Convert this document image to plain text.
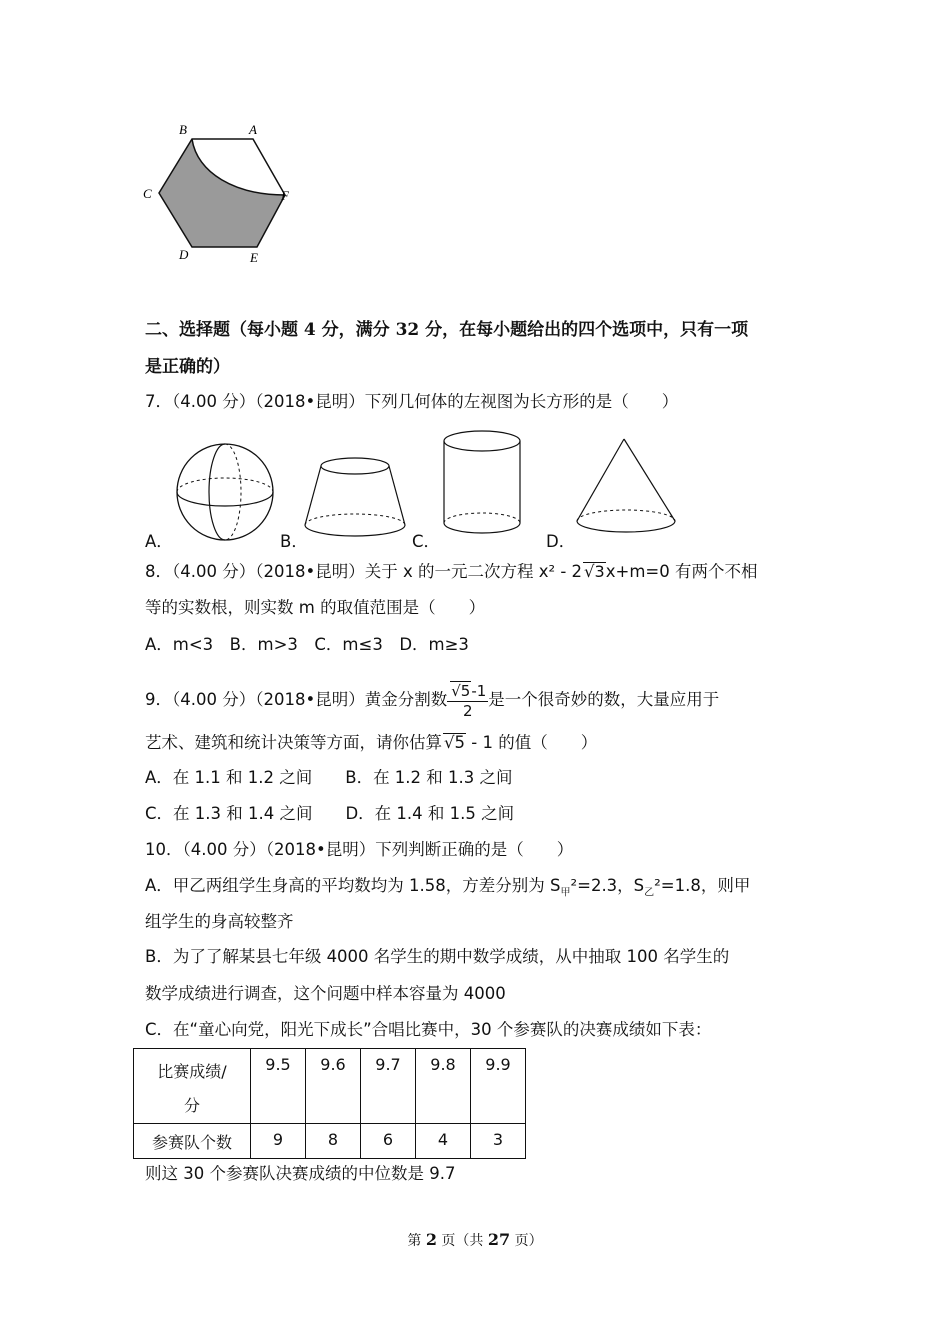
B	A
C	F
D	E
二、选择题（每小题 4 分，满分 32 分，在每小题给出的四个选项中，只有一项
是正确的）
7．（4.00 分）（2018•昆明）下列几何体的左视图为长方形的是（　　）
A．	B．	C．	D．
8．（4.00 分）（2018•昆明）关于 x 的一元二次方程 x² - 2 √3x+m=0 有两个不相
等的实数根，则实数 m 的取值范围是（　　）
A．m<3　B．m>3　C．m≤3　D．m≥3
9．（4.00 分）（2018•昆明）黄金分割数 $\frac{√5-1}{2}$ 是一个很奇妙的数，大量应用于
艺术、建筑和统计决策等方面，请你估算 √5 - 1 的值（　　）
A．在 1.1 和 1.2 之间　　B．在 1.2 和 1.3 之间
C．在 1.3 和 1.4 之间　　D．在 1.4 和 1.5 之间
10．（4.00 分）（2018•昆明）下列判断正确的是（　　）
A．甲乙两组学生身高的平均数均为 1.58，方差分别为 $S_甲^2=2.3$，$S_乙^2=1.8$，则甲
组学生的身高较整齐
B．为了了解某县七年级 4000 名学生的期中数学成绩，从中抽取 100 名学生的
数学成绩进行调查，这个问题中样本容量为 4000
C．在“童心向党，阳光下成长”合唱比赛中，30 个参赛队的决赛成绩如下表：
比赛成绩/
分	9.5	9.6	9.7	9.8	9.9
参赛队个数	9	8	6	4	3
则这 30 个参赛队决赛成绩的中位数是 9.7
第 2 页（共 27 页）
